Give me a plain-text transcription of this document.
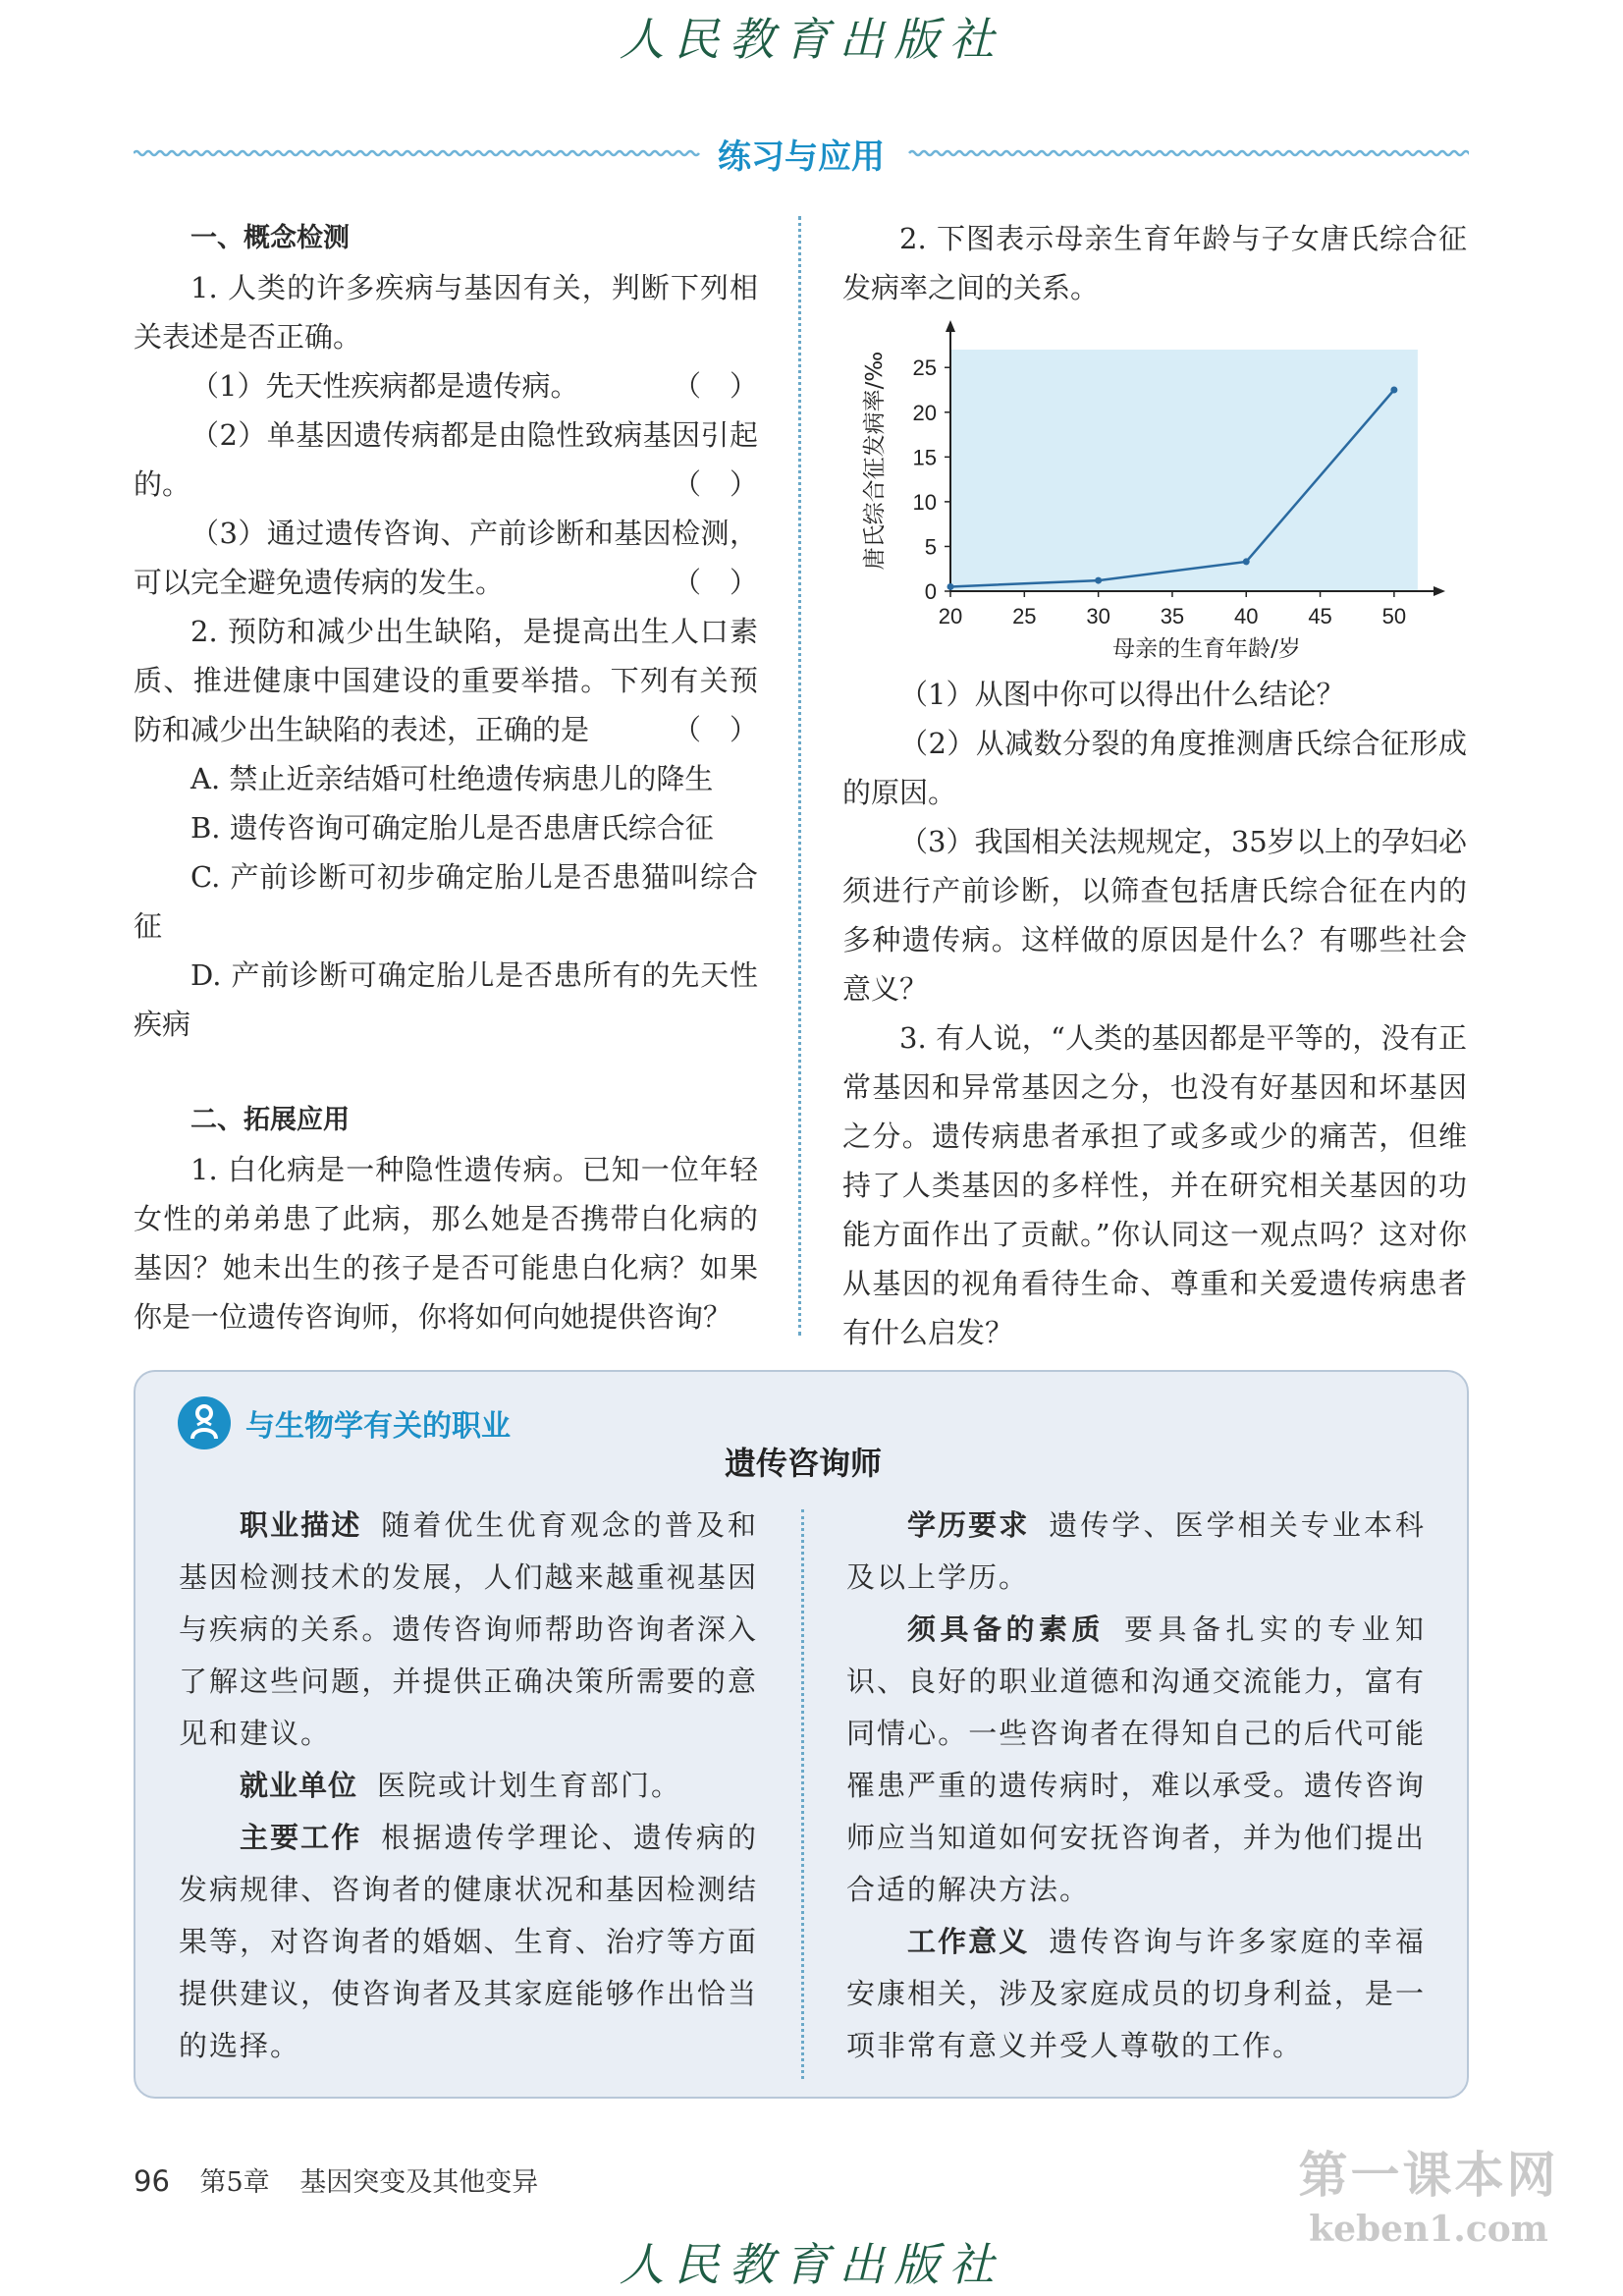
人民教育出版社
练习与应用
一、概念检测
1. 人类的许多疾病与基因有关，判断下列相关表述是否正确。
（1）先天性疾病都是遗传病。	（　）
（2）单基因遗传病都是由隐性致病基因引起的。	（　）
（3）通过遗传咨询、产前诊断和基因检测，可以完全避免遗传病的发生。	（　）
2. 预防和减少出生缺陷，是提高出生人口素质、推进健康中国建设的重要举措。下列有关预防和减少出生缺陷的表述，正确的是	（　）
A. 禁止近亲结婚可杜绝遗传病患儿的降生
B. 遗传咨询可确定胎儿是否患唐氏综合征
C. 产前诊断可初步确定胎儿是否患猫叫综合征
D. 产前诊断可确定胎儿是否患所有的先天性疾病
二、拓展应用
1. 白化病是一种隐性遗传病。已知一位年轻女性的弟弟患了此病，那么她是否携带白化病的基因？她未出生的孩子是否可能患白化病？如果你是一位遗传咨询师，你将如何向她提供咨询？
2. 下图表示母亲生育年龄与子女唐氏综合征发病率之间的关系。
20 25 30 35 40 45 50
0
5
10
15
20
25
母亲的生育年龄/岁
唐氏综合征发病率/‰
（1）从图中你可以得出什么结论？
（2）从减数分裂的角度推测唐氏综合征形成的原因。
（3）我国相关法规规定，35岁以上的孕妇必须进行产前诊断，以筛查包括唐氏综合征在内的多种遗传病。这样做的原因是什么？有哪些社会意义？
3. 有人说，“人类的基因都是平等的，没有正常基因和异常基因之分，也没有好基因和坏基因之分。遗传病患者承担了或多或少的痛苦，但维持了人类基因的多样性，并在研究相关基因的功能方面作出了贡献。”你认同这一观点吗？这对你从基因的视角看待生命、尊重和关爱遗传病患者有什么启发？
与生物学有关的职业
遗传咨询师
职业描述 随着优生优育观念的普及和基因检测技术的发展，人们越来越重视基因与疾病的关系。遗传咨询师帮助咨询者深入了解这些问题，并提供正确决策所需要的意见和建议。
就业单位 医院或计划生育部门。
主要工作 根据遗传学理论、遗传病的发病规律、咨询者的健康状况和基因检测结果等，对咨询者的婚姻、生育、治疗等方面提供建议，使咨询者及其家庭能够作出恰当的选择。
学历要求 遗传学、医学相关专业本科及以上学历。
须具备的素质 要具备扎实的专业知识、良好的职业道德和沟通交流能力，富有同情心。一些咨询者在得知自己的后代可能罹患严重的遗传病时，难以承受。遗传咨询师应当知道如何安抚咨询者，并为他们提出合适的解决方法。
工作意义 遗传咨询与许多家庭的幸福安康相关，涉及家庭成员的切身利益，是一项非常有意义并受人尊敬的工作。
96 第5章 基因突变及其他变异	第一课本网
keben1.com
人民教育出版社
